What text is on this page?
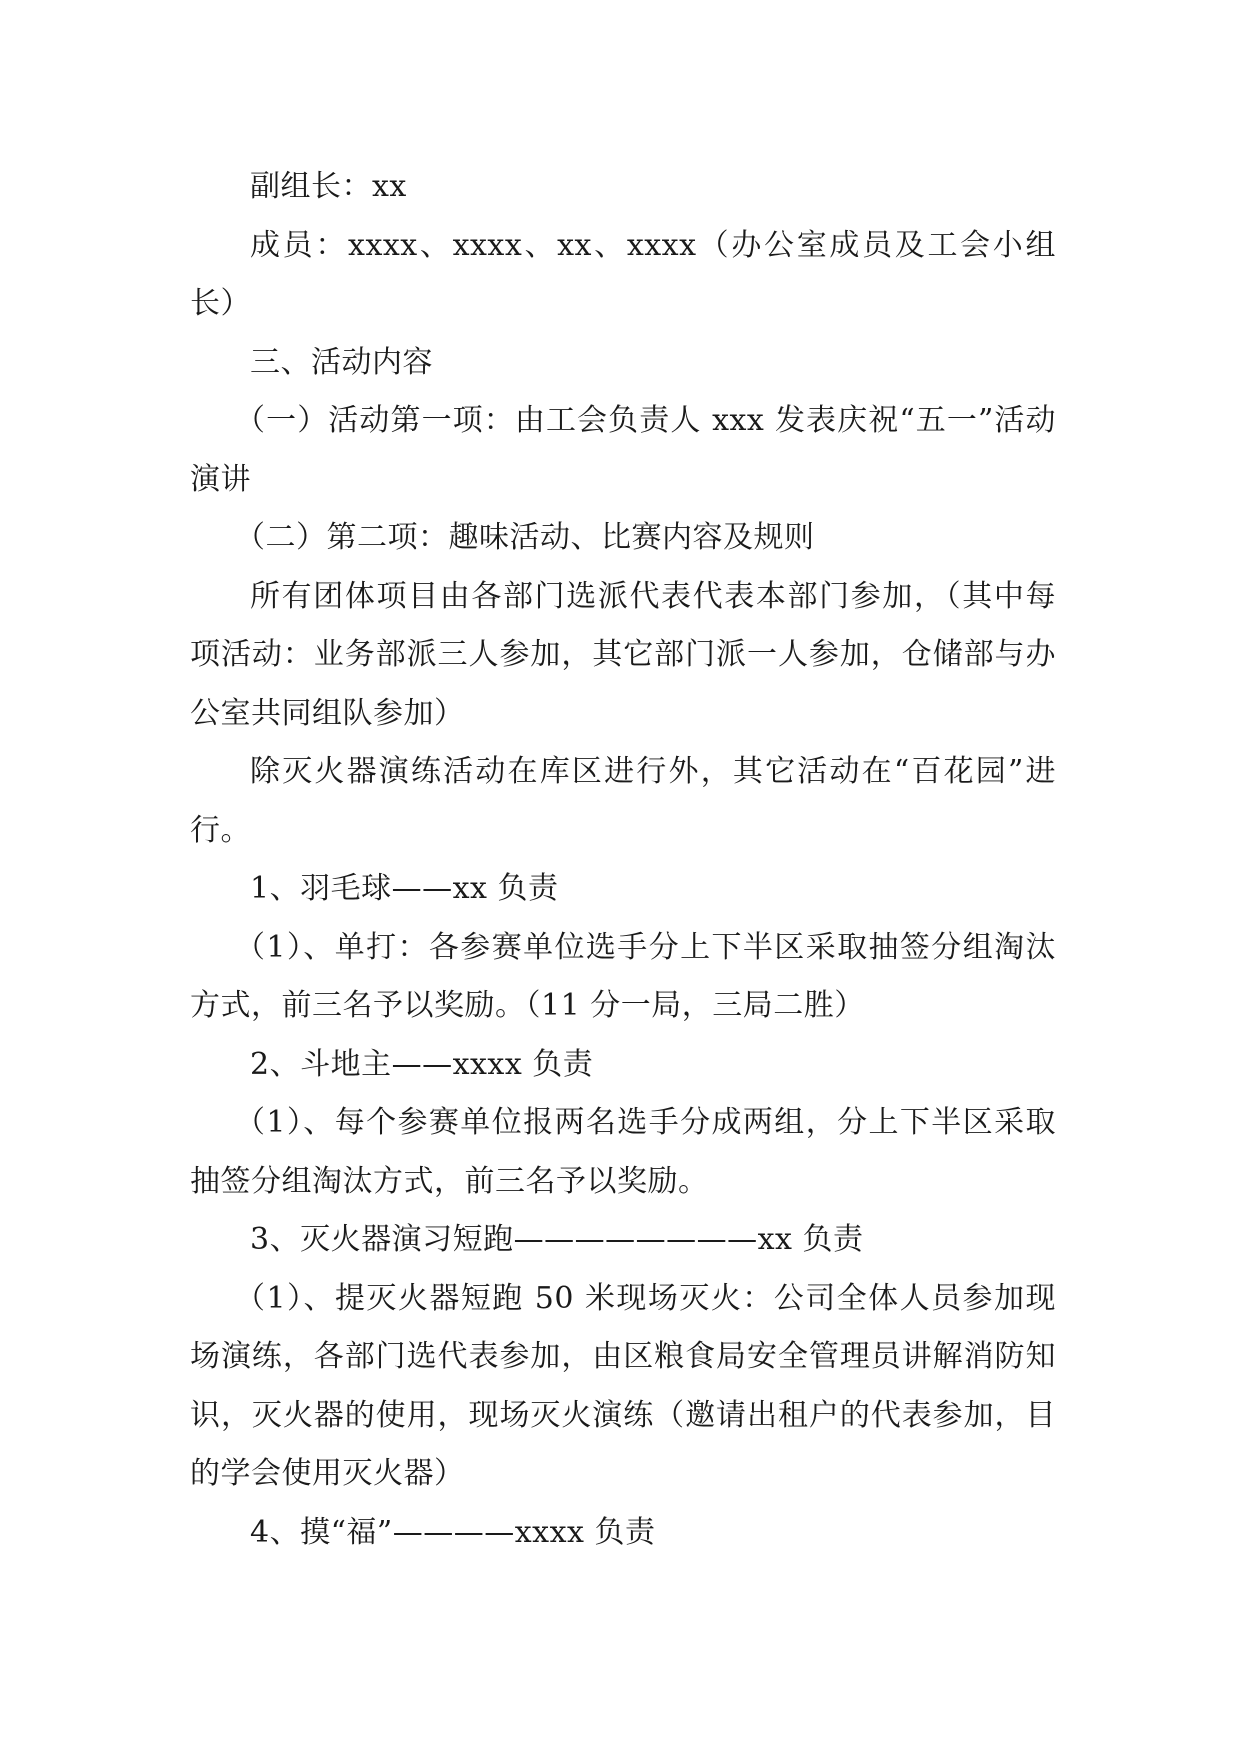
副组长：xx

成员：xxxx、xxxx、xx、xxxx（办公室成员及工会小组长）

三、活动内容

（一）活动第一项：由工会负责人 xxx 发表庆祝“五一”活动演讲

（二）第二项：趣味活动、比赛内容及规则

所有团体项目由各部门选派代表代表本部门参加，（其中每项活动：业务部派三人参加，其它部门派一人参加，仓储部与办公室共同组队参加）

除灭火器演练活动在库区进行外，其它活动在“百花园”进行。

1、羽毛球——xx 负责

（1）、单打：各参赛单位选手分上下半区采取抽签分组淘汰方式，前三名予以奖励。（11 分一局，三局二胜）

2、斗地主——xxxx 负责

（1）、每个参赛单位报两名选手分成两组，分上下半区采取抽签分组淘汰方式，前三名予以奖励。

3、灭火器演习短跑————————xx 负责

（1）、提灭火器短跑 50 米现场灭火：公司全体人员参加现场演练，各部门选代表参加，由区粮食局安全管理员讲解消防知识，灭火器的使用，现场灭火演练（邀请出租户的代表参加，目的学会使用灭火器）

4、摸“福”————xxxx 负责
